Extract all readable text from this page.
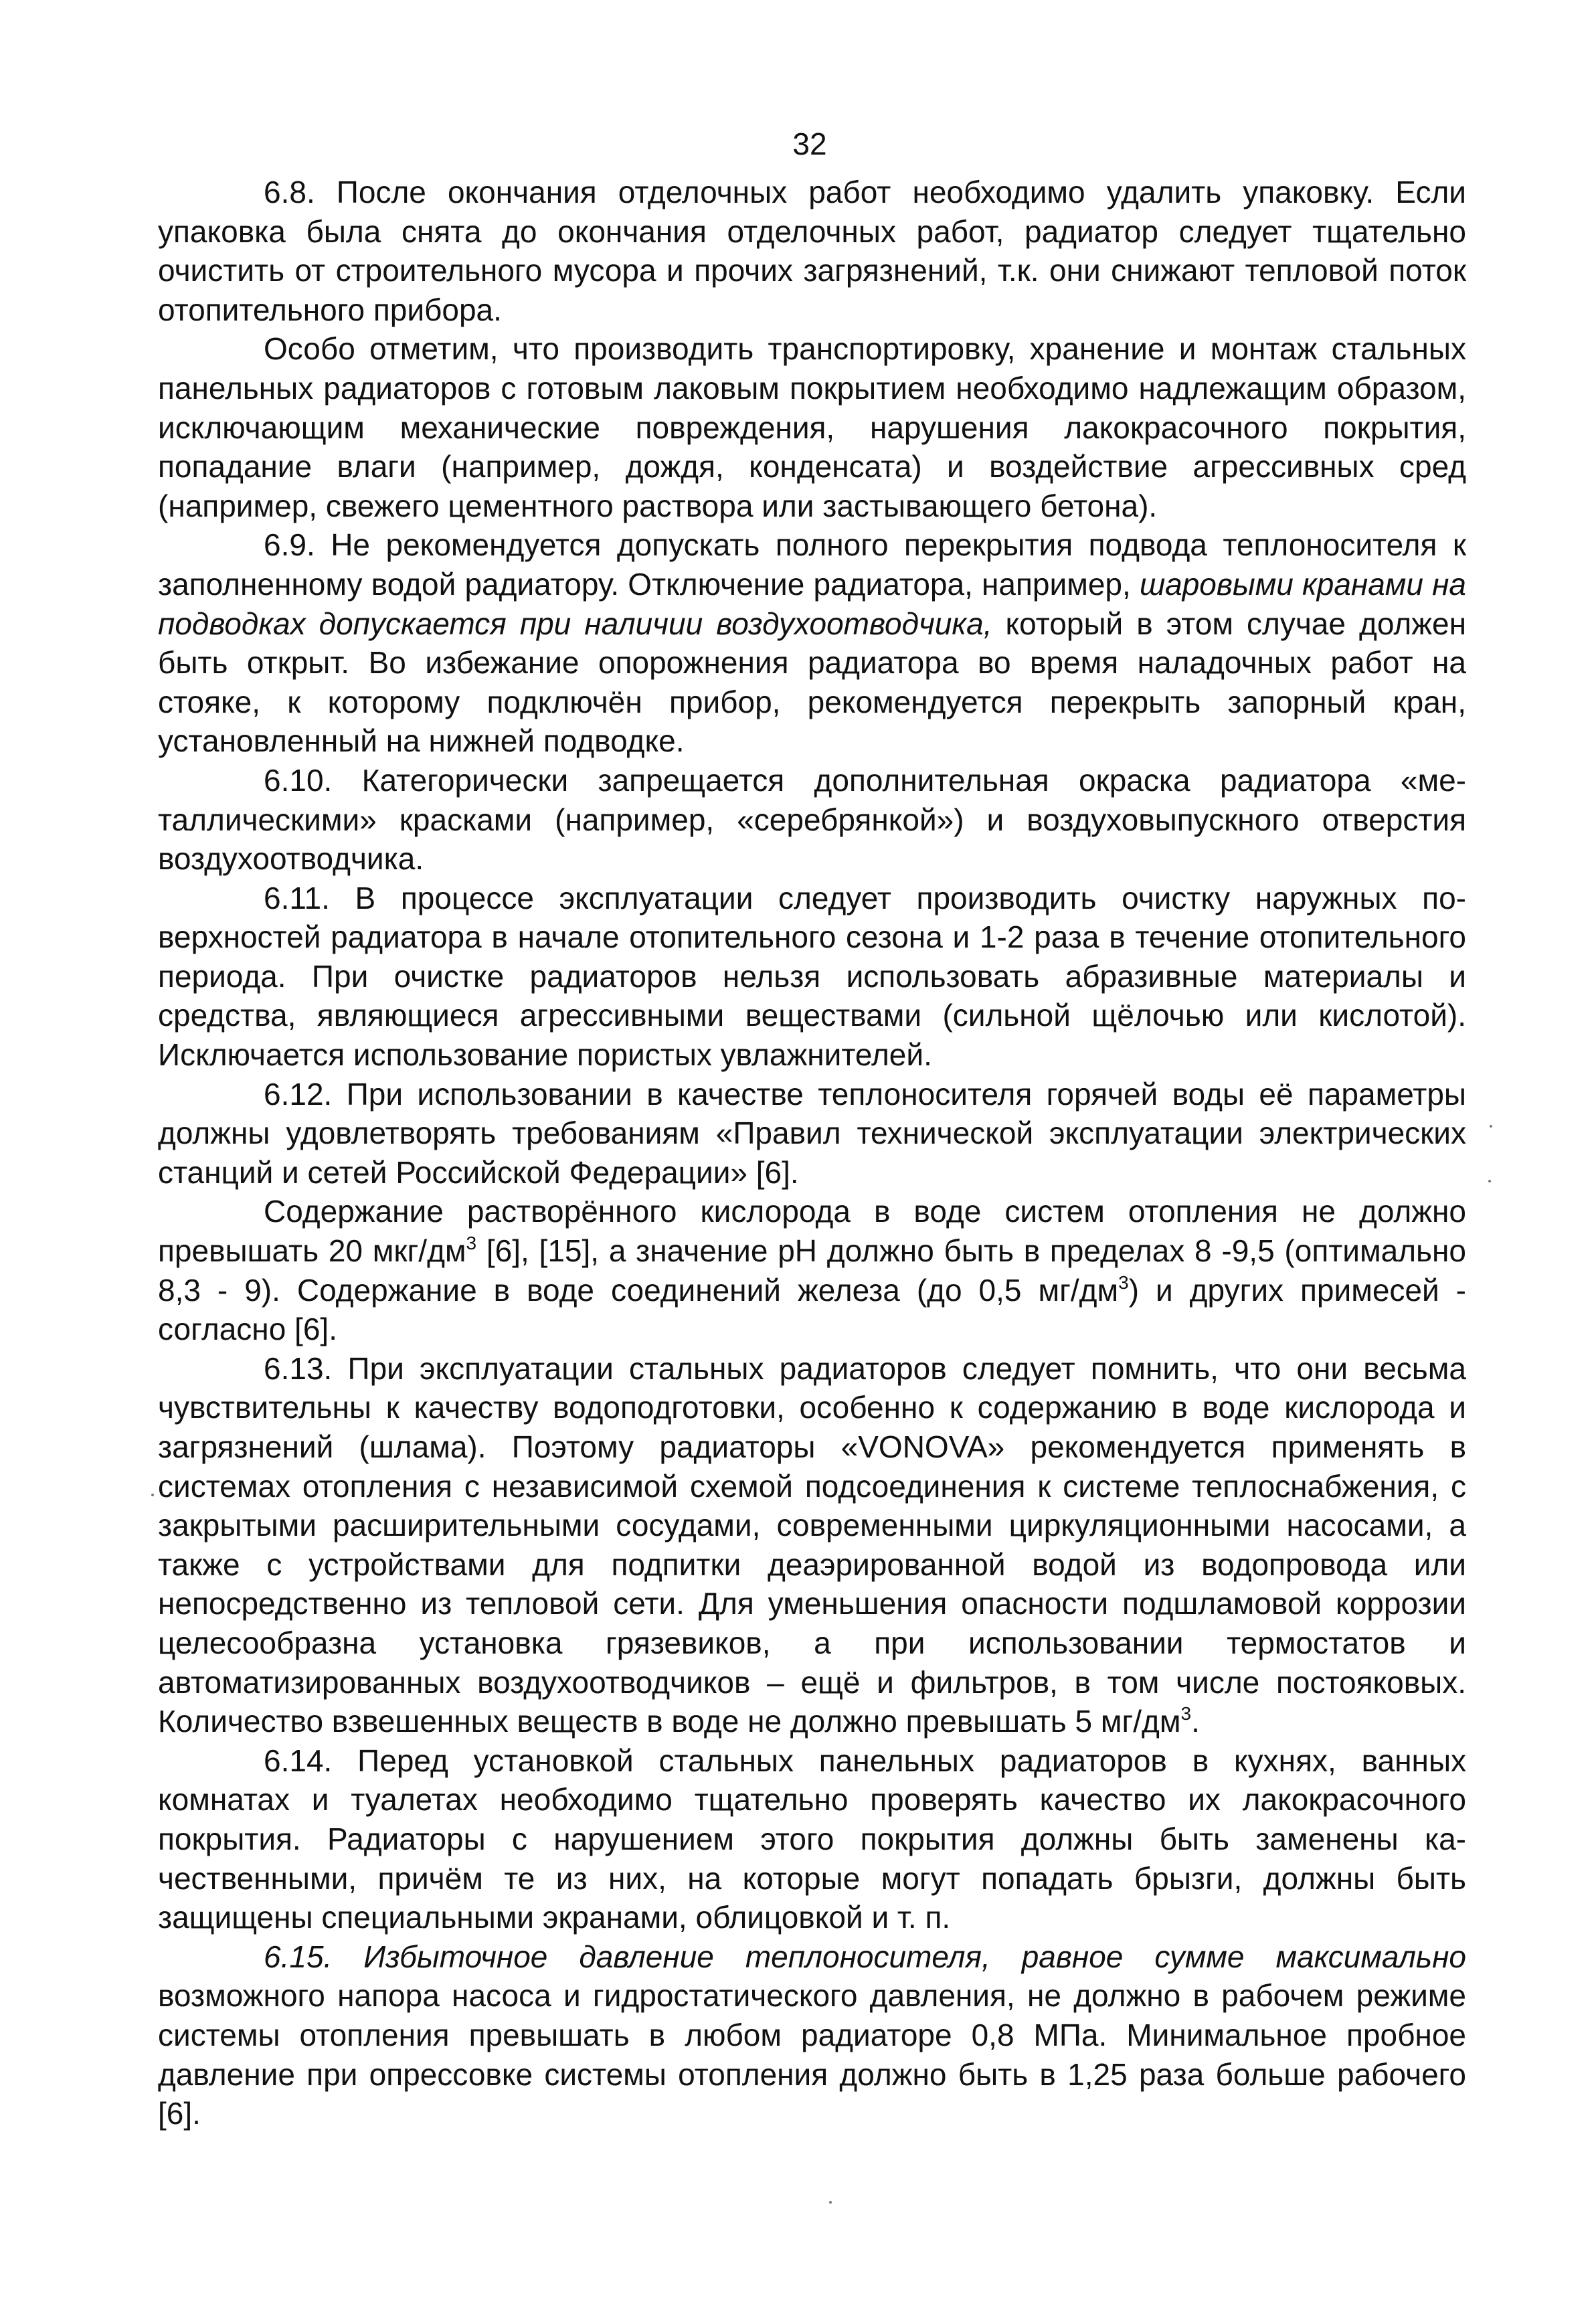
32

6.8. После окончания отделочных работ необходимо удалить упаковку. Если упаковка была снята до окончания отделочных работ, радиатор следует тщательно очистить от строительного мусора и прочих загрязнений, т.к. они снижают тепловой поток отопительного прибора.

Особо отметим, что производить транспортировку, хранение и монтаж стальных панельных радиаторов с готовым лаковым покрытием необходимо надлежащим образом, исключающим механические повреждения, нарушения лакокрасочного покрытия, попадание влаги (например, дождя, конденсата) и воздействие агрессивных сред (например, свежего цементного раствора или застывающего бетона).

6.9. Не рекомендуется допускать полного перекрытия подвода теплоносителя к заполненному водой радиатору. Отключение радиатора, например, шаровыми кранами на подводках допускается при наличии воздухоотводчика, который в этом случае должен быть открыт. Во избежание опорожнения радиатора во время наладочных работ на стояке, к которому подключён прибор, рекомендуется перекрыть запорный кран, установленный на нижней подводке.

6.10. Категорически запрещается дополнительная окраска радиатора «металлическими» красками (например, «серебрянкой») и воздуховыпускного отверстия воздухоотводчика.

6.11. В процессе эксплуатации следует производить очистку наружных поверхностей радиатора в начале отопительного сезона и 1-2 раза в течение отопительного периода. При очистке радиаторов нельзя использовать абразивные материалы и средства, являющиеся агрессивными веществами (сильной щёлочью или кислотой). Исключается использование пористых увлажнителей.

6.12. При использовании в качестве теплоносителя горячей воды её параметры должны удовлетворять требованиям «Правил технической эксплуатации электрических станций и сетей Российской Федерации» [6].

Содержание растворённого кислорода в воде систем отопления не должно превышать 20 мкг/$дм^3$ [6], [15], а значение pH должно быть в пределах 8 -9,5 (оптимально 8,3 - 9). Содержание в воде соединений железа (до 0,5 $мг/дм^3$) и других примесей - согласно [6].

6.13. При эксплуатации стальных радиаторов следует помнить, что они весьма чувствительны к качеству водоподготовки, особенно к содержанию в воде кислорода и загрязнений (шлама). Поэтому радиаторы «VONOVA» рекомендуется применять в системах отопления с независимой схемой подсоединения к системе теплоснабжения, с закрытыми расширительными сосудами, современными циркуляционными насосами, а также с устройствами для подпитки деаэрированной водой из водопровода или непосредственно из тепловой сети. Для уменьшения опасности подшламовой коррозии целесообразна установка грязевиков, а при использовании термостатов и автоматизированных воздухоотводчиков – ещё и фильтров, в том числе постояковых. Количество взвешенных веществ в воде не должно превышать 5 $мг/дм^3$.

6.14. Перед установкой стальных панельных радиаторов в кухнях, ванных комнатах и туалетах необходимо тщательно проверять качество их лакокрасочного покрытия. Радиаторы с нарушением этого покрытия должны быть заменены качественными, причём те из них, на которые могут попадать брызги, должны быть защищены специальными экранами, облицовкой и т. п.

6.15. Избыточное давление теплоносителя, равное сумме максимально возможного напора насоса и гидростатического давления, не должно в рабочем режиме системы отопления превышать в любом радиаторе 0,8 МПа. Минимальное пробное давление при опрессовке системы отопления должно быть в 1,25 раза больше рабочего [6].
